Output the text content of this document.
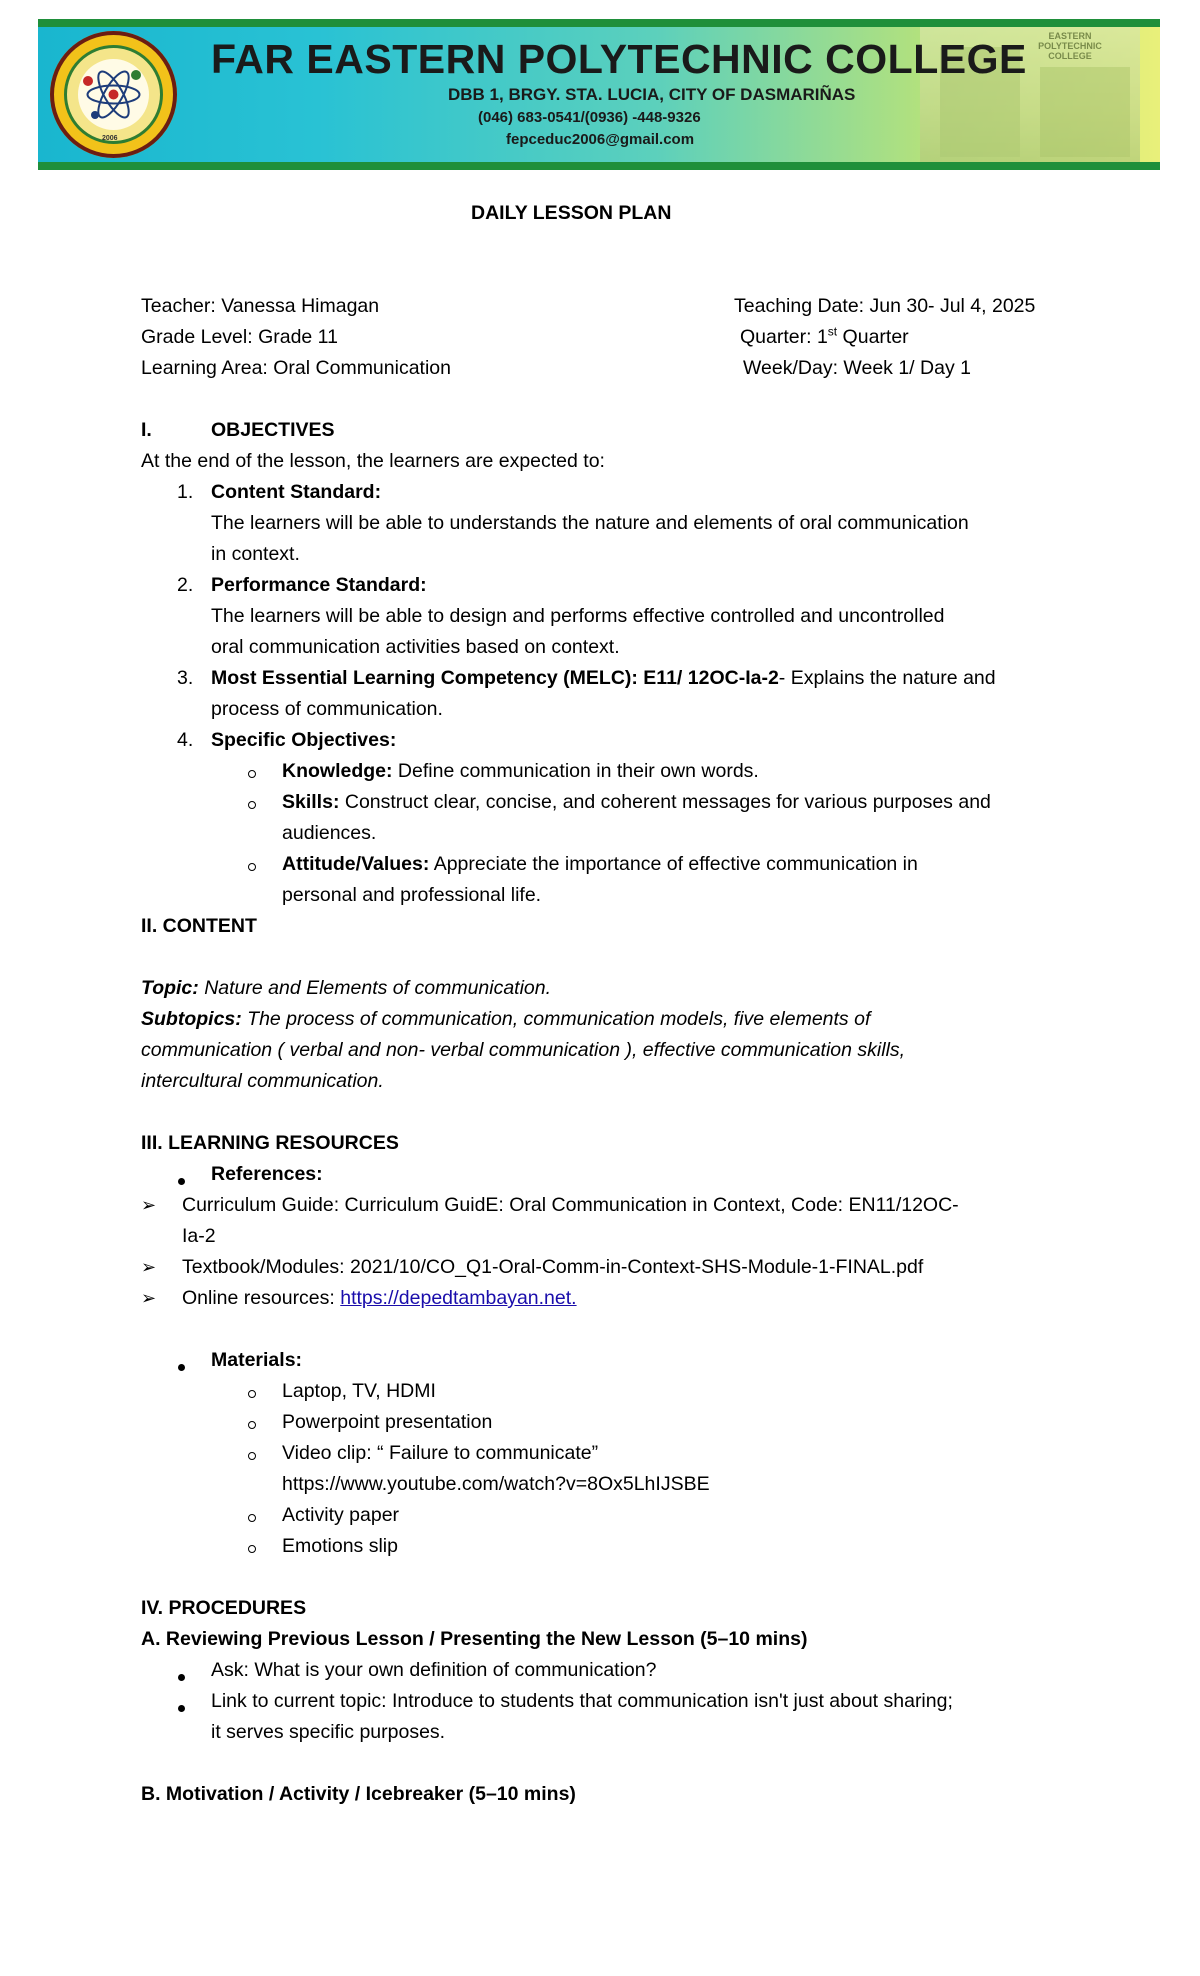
EASTERN POLYTECHNIC COLLEGE
2006
FAR EASTERN POLYTECHNIC COLLEGE
DBB 1, BRGY. STA. LUCIA, CITY OF DASMARIÑAS
(046) 683-0541/(0936) -448-9326
fepceduc2006@gmail.com
DAILY LESSON PLAN
Teacher: Vanessa Himagan
Grade Level: Grade 11
Learning Area: Oral Communication
Teaching Date: Jun 30- Jul 4, 2025
Quarter: 1st Quarter
Week/Day: Week 1/ Day 1
I.	OBJECTIVES
At the end of the lesson, the learners are expected to:
1. Content Standard:
The learners will be able to understands the nature and elements of oral communication
in context.
2. Performance Standard:
The learners will be able to design and performs effective controlled and uncontrolled
oral communication activities based on context.
3. Most Essential Learning Competency (MELC): E11/ 12OC-Ia-2- Explains the nature and
process of communication.
4. Specific Objectives:
Knowledge: Define communication in their own words.
Skills: Construct clear, concise, and coherent messages for various purposes and
audiences.
Attitude/Values: Appreciate the importance of effective communication in
personal and professional life.
II. CONTENT
Topic: Nature and Elements of communication.
Subtopics: The process of communication, communication models, five elements of
communication ( verbal and non- verbal communication ), effective communication skills,
intercultural communication.
III. LEARNING RESOURCES
References:
➢ Curriculum Guide: Curriculum GuidE: Oral Communication in Context, Code: EN11/12OC-
Ia-2
➢ Textbook/Modules: 2021/10/CO_Q1-Oral-Comm-in-Context-SHS-Module-1-FINAL.pdf
➢ Online resources: https://depedtambayan.net.
Materials:
Laptop, TV, HDMI
Powerpoint presentation
Video clip: “ Failure to communicate”
https://www.youtube.com/watch?v=8Ox5LhIJSBE
Activity paper
Emotions slip
IV. PROCEDURES
A. Reviewing Previous Lesson / Presenting the New Lesson (5–10 mins)
Ask: What is your own definition of communication?
Link to current topic: Introduce to students that communication isn't just about sharing;
it serves specific purposes.
B. Motivation / Activity / Icebreaker (5–10 mins)
